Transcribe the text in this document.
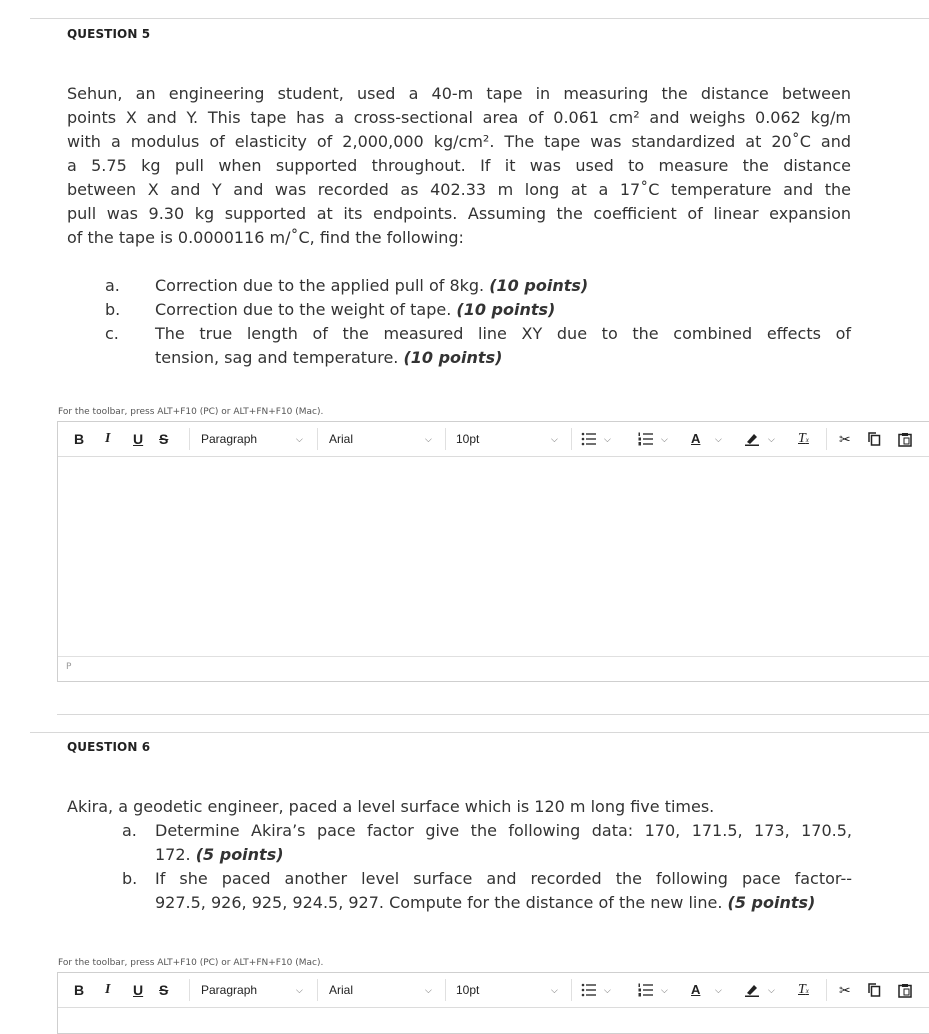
QUESTION 5
Sehun, an engineering student, used a 40-m tape in measuring the distance between
points X and Y. This tape has a cross-sectional area of 0.061 cm² and weighs 0.062 kg/m
with a modulus of elasticity of 2,000,000 kg/cm². The tape was standardized at 20˚C and
a 5.75 kg pull when supported throughout. If it was used to measure the distance
between X and Y and was recorded as 402.33 m long at a 17˚C temperature and the
pull was 9.30 kg supported at its endpoints. Assuming the coefficient of linear expansion
of the tape is 0.0000116 m/˚C, find the following:
a. Correction due to the applied pull of 8kg. (10 points)
b. Correction due to the weight of tape. (10 points)
c. The true length of the measured line XY due to the combined effects of
tension, sag and temperature. (10 points)
For the toolbar, press ALT+F10 (PC) or ALT+FN+F10 (Mac).
B I U S	Paragraph	⌵ Arial	⌵ 10pt	⌵	⌵	⌵ A ⌵	⌵ Tx ✂
P
QUESTION 6
Akira, a geodetic engineer, paced a level surface which is 120 m long five times.
a. Determine Akira’s pace factor give the following data: 170, 171.5, 173, 170.5,
172. (5 points)
b. If she paced another level surface and recorded the following pace factor--
927.5, 926, 925, 924.5, 927. Compute for the distance of the new line. (5 points)
For the toolbar, press ALT+F10 (PC) or ALT+FN+F10 (Mac).
B I U S	Paragraph	⌵ Arial	⌵ 10pt	⌵	⌵	⌵ A ⌵	⌵ Tx ✂
